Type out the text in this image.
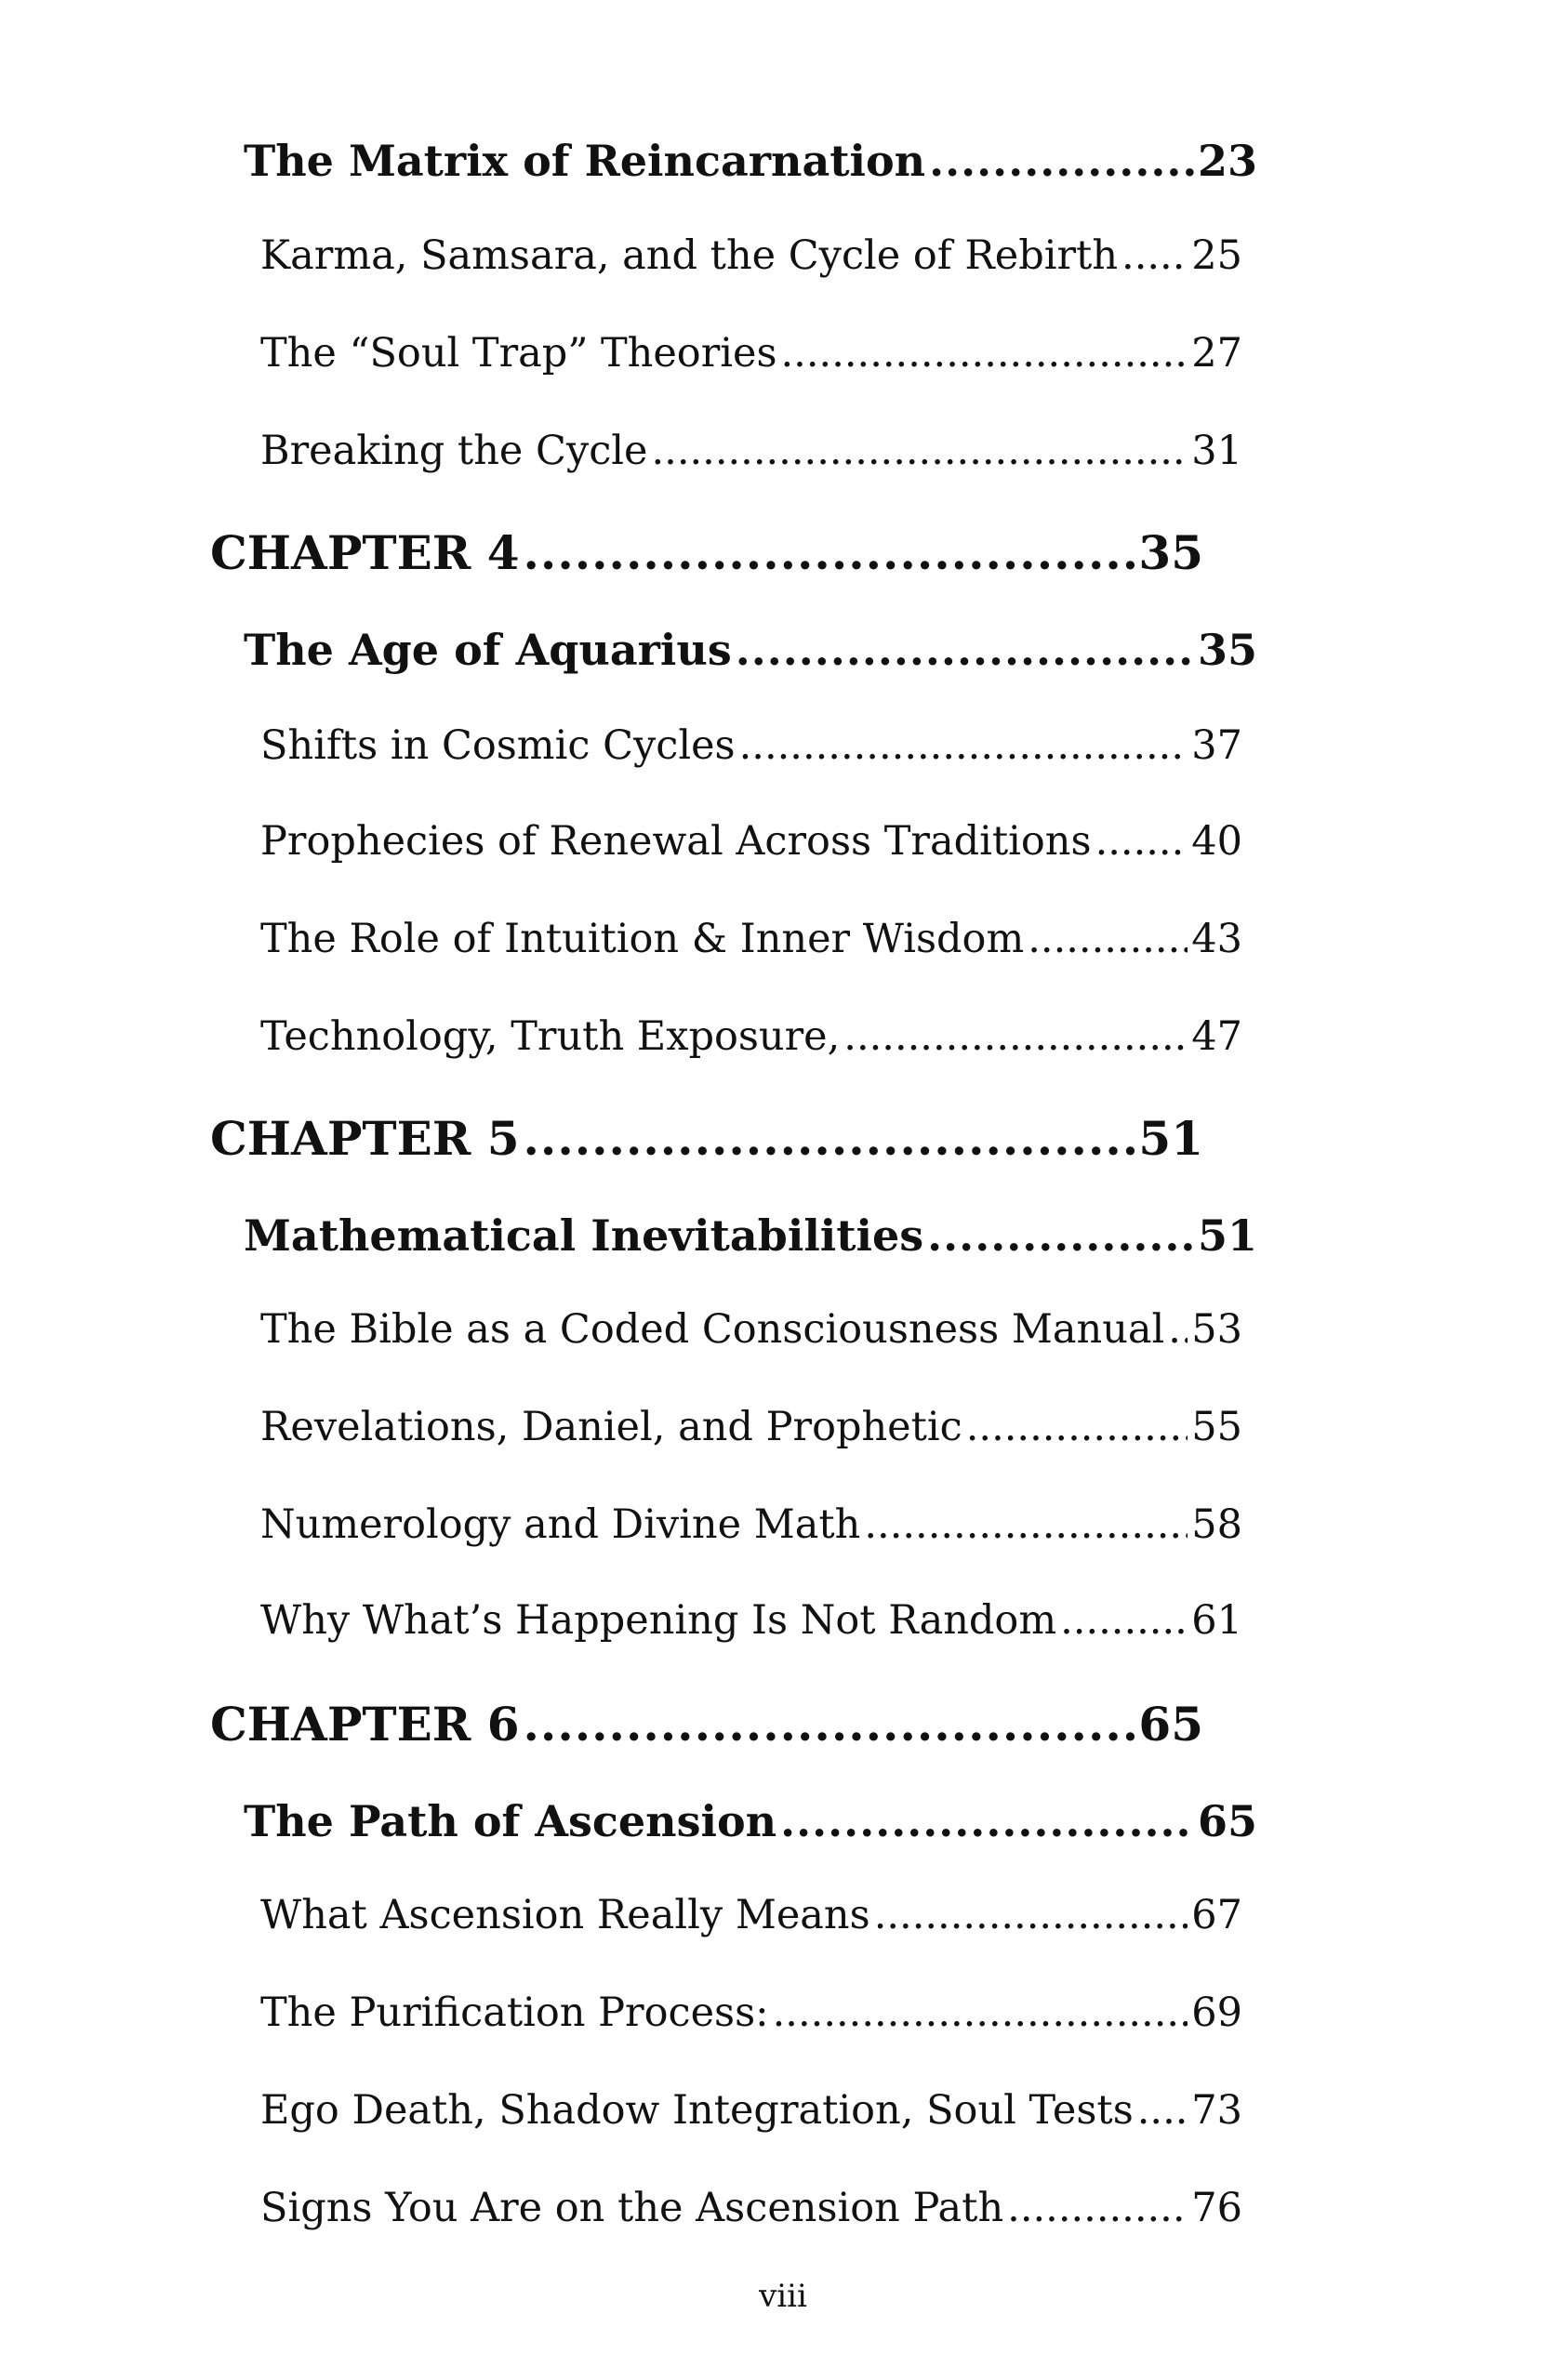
The Matrix of Reincarnation .....	23
Karma, Samsara, and the Cycle of Rebirth ..... 25
The “Soul Trap” Theories .....	27
Breaking the Cycle .....	31
CHAPTER 4 .....	35
The Age of Aquarius .....	35
Shifts in Cosmic Cycles .....	37
Prophecies of Renewal Across Traditions .....	40
The Role of Intuition & Inner Wisdom .....	43
Technology, Truth Exposure, .....	47
CHAPTER 5 .....	51
Mathematical Inevitabilities .....	51
The Bible as a Coded Consciousness Manual ..... 53
Revelations, Daniel, and Prophetic .....	55
Numerology and Divine Math .....	58
Why What’s Happening Is Not Random .....	61
CHAPTER 6 .....	65
The Path of Ascension .....	65
What Ascension Really Means .....	67
The Purification Process: .....	69
Ego Death, Shadow Integration, Soul Tests ..... 73
Signs You Are on the Ascension Path .....	76
viii
